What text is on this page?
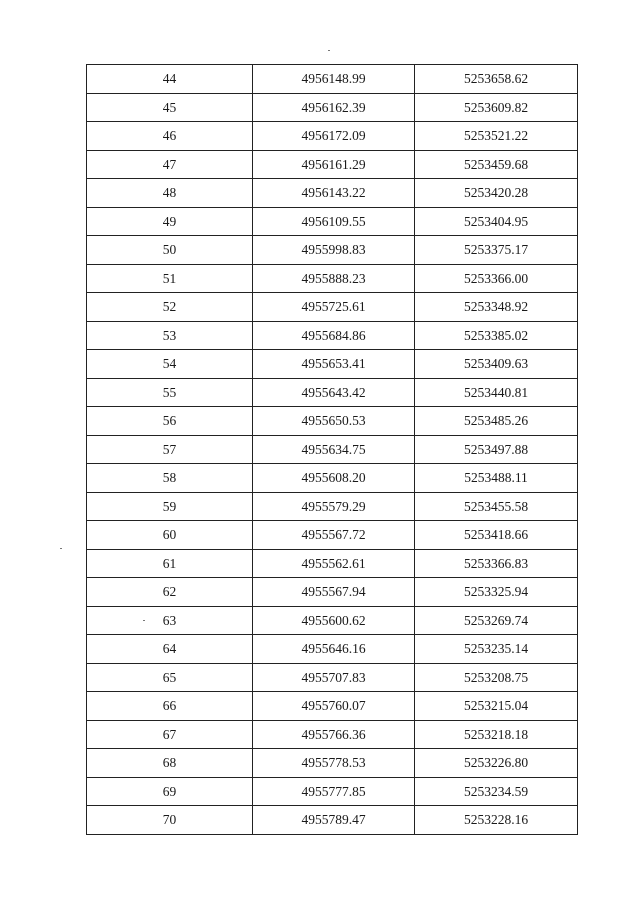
44	4956148.99	5253658.62
45	4956162.39	5253609.82
46	4956172.09	5253521.22
47	4956161.29	5253459.68
48	4956143.22	5253420.28
49	4956109.55	5253404.95
50	4955998.83	5253375.17
51	4955888.23	5253366.00
52	4955725.61	5253348.92
53	4955684.86	5253385.02
54	4955653.41	5253409.63
55	4955643.42	5253440.81
56	4955650.53	5253485.26
57	4955634.75	5253497.88
58	4955608.20	5253488.11
59	4955579.29	5253455.58
60	4955567.72	5253418.66
61	4955562.61	5253366.83
62	4955567.94	5253325.94
63	4955600.62	5253269.74
64	4955646.16	5253235.14
65	4955707.83	5253208.75
66	4955760.07	5253215.04
67	4955766.36	5253218.18
68	4955778.53	5253226.80
69	4955777.85	5253234.59
70	4955789.47	5253228.16
